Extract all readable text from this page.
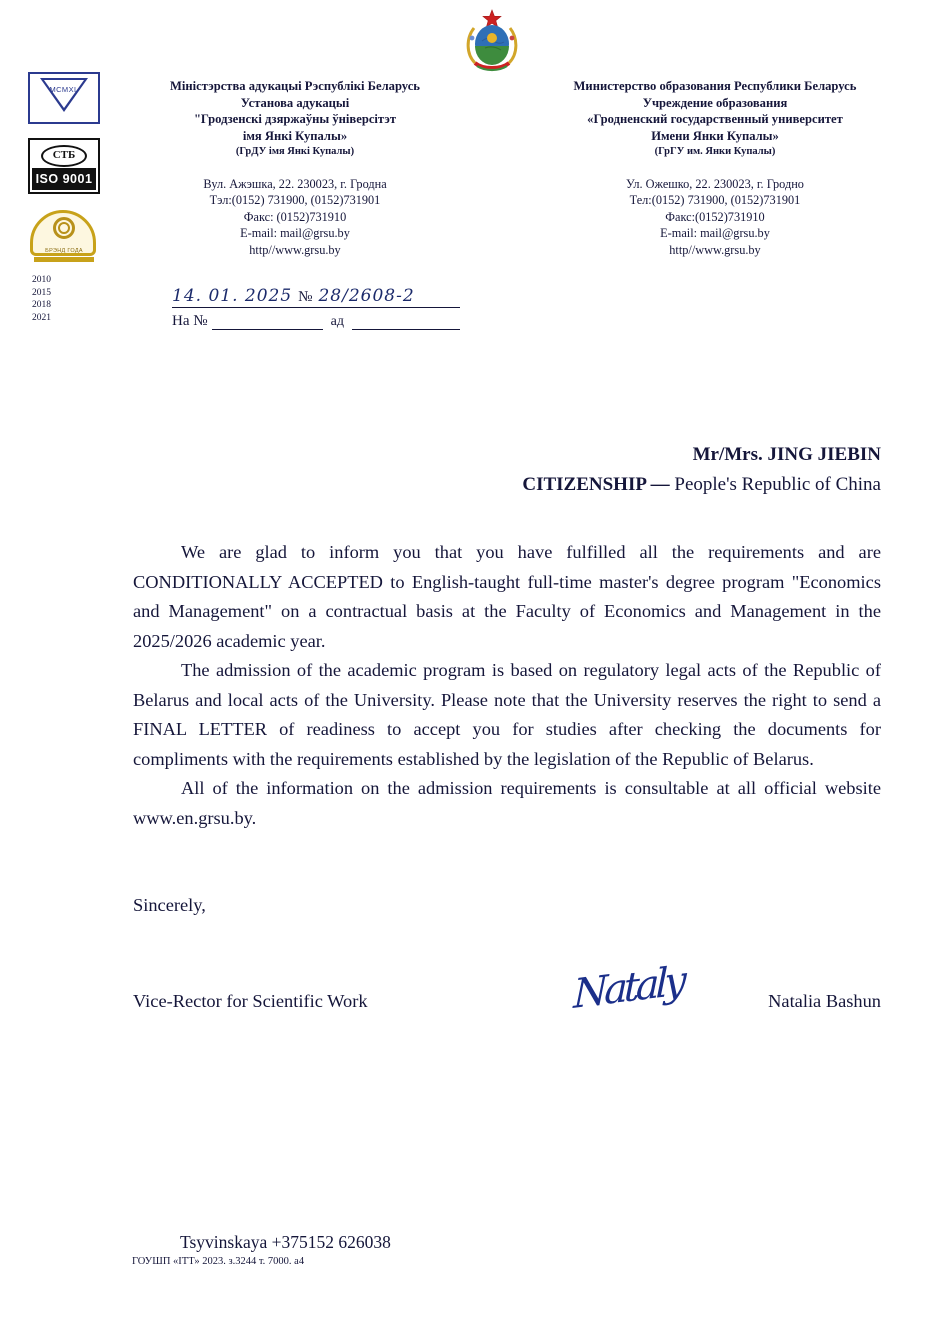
MCMXL
СТБ
ISO 9001
БРЭНД ГОДА
2010
2015
2018
2021
Міністэрства адукацыі Рэспублікі Беларусь
Установа адукацыі
"Гродзенскі дзяржаўны ўніверсітэт
імя Янкі Купалы»
(ГрДУ імя Янкі Купалы)
Вул. Ажэшка, 22. 230023, г. Гродна
Тэл:(0152) 731900, (0152)731901
Факс: (0152)731910
E-mail: mail@grsu.by
http//www.grsu.by
Министерство образования Республики Беларусь
Учреждение образования
«Гродненский государственный университет
Имени Янки Купалы»
(ГрГУ им. Янки Купалы)
Ул. Ожешко, 22. 230023, г. Гродно
Тел:(0152) 731900, (0152)731901
Факс:(0152)731910
E-mail: mail@grsu.by
http//www.grsu.by
14. 01. 2025 № 28/2608-2
На №	ад
Mr/Mrs. JING JIEBIN
CITIZENSHIP — People's Republic of China

We are glad to inform you that you have fulfilled all the requirements and are CONDITIONALLY ACCEPTED to English-taught full-time master's degree program "Economics and Management" on a contractual basis at the Faculty of Economics and Management in the 2025/2026 academic year.

The admission of the academic program is based on regulatory legal acts of the Republic of Belarus and local acts of the University. Please note that the University reserves the right to send a FINAL LETTER of readiness to accept you for studies after checking the documents for compliments with the requirements established by the legislation of the Republic of Belarus.

All of the information on the admission requirements is consultable at all official website www.en.grsu.by.

Sincerely,
Vice-Rector for Scientific Work	Nataly	Natalia Bashun
Tsyvinskaya +375152 626038
ГОУШП «ІТТ» 2023. з.3244 т. 7000. а4
